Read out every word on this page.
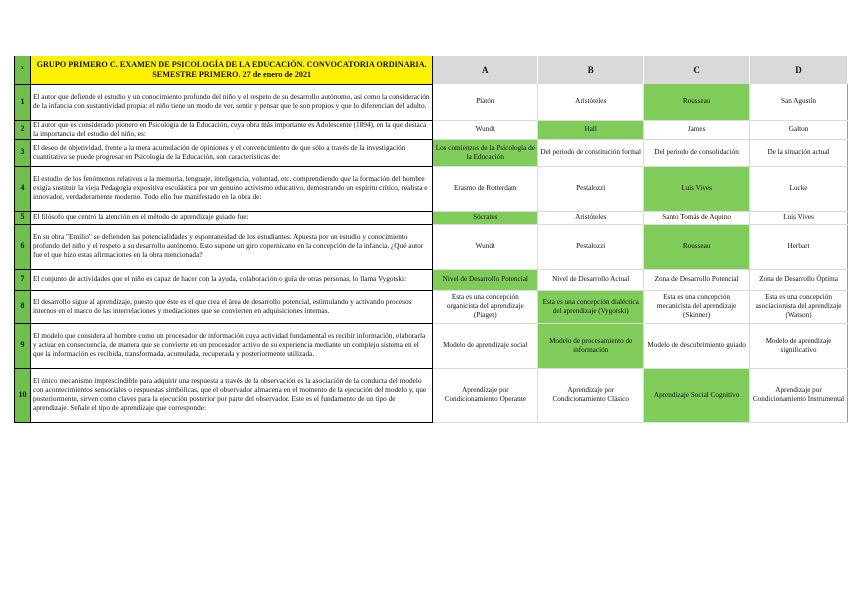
x	GRUPO PRIMERO C. EXAMEN DE PSICOLOGÍA DE LA EDUCACIÓN. CONVOCATORIA ORDINARIA. SEMESTRE PRIMERO. 27 de enero de 2021	A	B	C	D
1	El autor que defiende el estudio y un conocimiento profundo del niño y el respeto de su desarrollo autónomo, así como la consideración de la infancia con sustantividad propia: el niño tiene un modo de ver, sentir y pensar que le son propios y que lo diferencian del adulto.	Platón	Aristóteles	Rousseau	San Agustín
2	El autor que es considerado pionero en Psicología de la Educación, cuya obra más importante es Adolescente (1894), en la que destaca la importancia del estudio del niño, es:	Wundt	Hall	James	Galton
3	El deseo de objetividad, frente a la mera acumulación de opiniones y el convencimiento de que sólo a través de la investigación cuantitativa se puede progresar en Psicología de la Educación, son características de:	Los comienzos de la Psicología de la Educación	Del periodo de constitución formal	Del periodo de consolidación	De la situación actual
4	El estudio de los fenómenos relativos a la memoria, lenguaje, inteligencia, voluntad, etc. comprendiendo que la formación del hombre exigía sustituir la vieja Pedagogía expositiva escolástica por un genuino activismo educativo, demostrando un espíritu crítico, realista e innovador, verdaderamente moderno. Todo ello fue manifestado en la obra de:	Erasmo de Rotterdam	Pestalozzi	Luis Vives	Locke
5	El filósofo que centró la atención en el método de aprendizaje guiado fue:	Sócrates	Aristóteles	Santo Tomás de Aquino	Luis Vives
6	En su obra "Emilio" se defienden las potencialidades y espontaneidad de los estudiantes. Apuesta por un estudio y conocimiento profundo del niño y el respeto a su desarrollo autónomo. Esto supone un giro copernicano en la concepción de la infancia. ¿Qué autor fue el que hizo estas afirmaciones en la obra mencionada?	Wundt	Pestalozzi	Rousseau	Herbart
7	El conjunto de actividades que el niño es capaz de hacer con la ayuda, colaboración o guía de otras personas, lo llama Vygotski:	Nivel de Desarrollo Potencial	Nivel de Desarrollo Actual	Zona de Desarrollo Potencial	Zona de Desarrollo Óptima
8	El desarrollo sigue al aprendizaje, puesto que éste es el que crea el área de desarrollo potencial, estimulando y activando procesos internos en el marco de las interrelaciones y mediaciones que se convierten en adquisiciones internas.	Esta es una concepción organicista del aprendizaje (Piaget)	Esta es una concepción dialéctica del aprendizaje (Vygotski)	Esta es una concepción mecanicista del aprendizaje (Skinner)	Esta es una concepción asociacionista del aprendizaje (Watson)
9	El modelo que considera al hombre como un procesador de información cuya actividad fundamental es recibir información, elaborarla y actuar en consecuencia, de manera que se convierte en un procesador activo de su experiencia mediante un complejo sistema en el que la información es recibida, transformada, acumulada, recuperada y posteriormente utilizada.	Modelo de aprendizaje social	Modelo de procesamiento de información	Modelo de descubrimiento guiado	Modelo de aprendizaje significativo
10	El único mecanismo imprescindible para adquirir una respuesta a través de la observación es la asociación de la conducta del modelo con acontecimientos sensoriales o respuestas simbólicas, que el observador almacena en el momento de la ejecución del modelo y, que posteriormente, sirven como claves para la ejecución posterior por parte del observador. Este es el fundamento de un tipo de aprendizaje. Señale el tipo de aprendizaje que corresponde:	Aprendizaje por Condicionamiento Operante	Aprendizaje por Condicionamiento Clásico	Aprendizaje Social Cognitivo	Aprendizaje por Condicionamiento Instrumental
